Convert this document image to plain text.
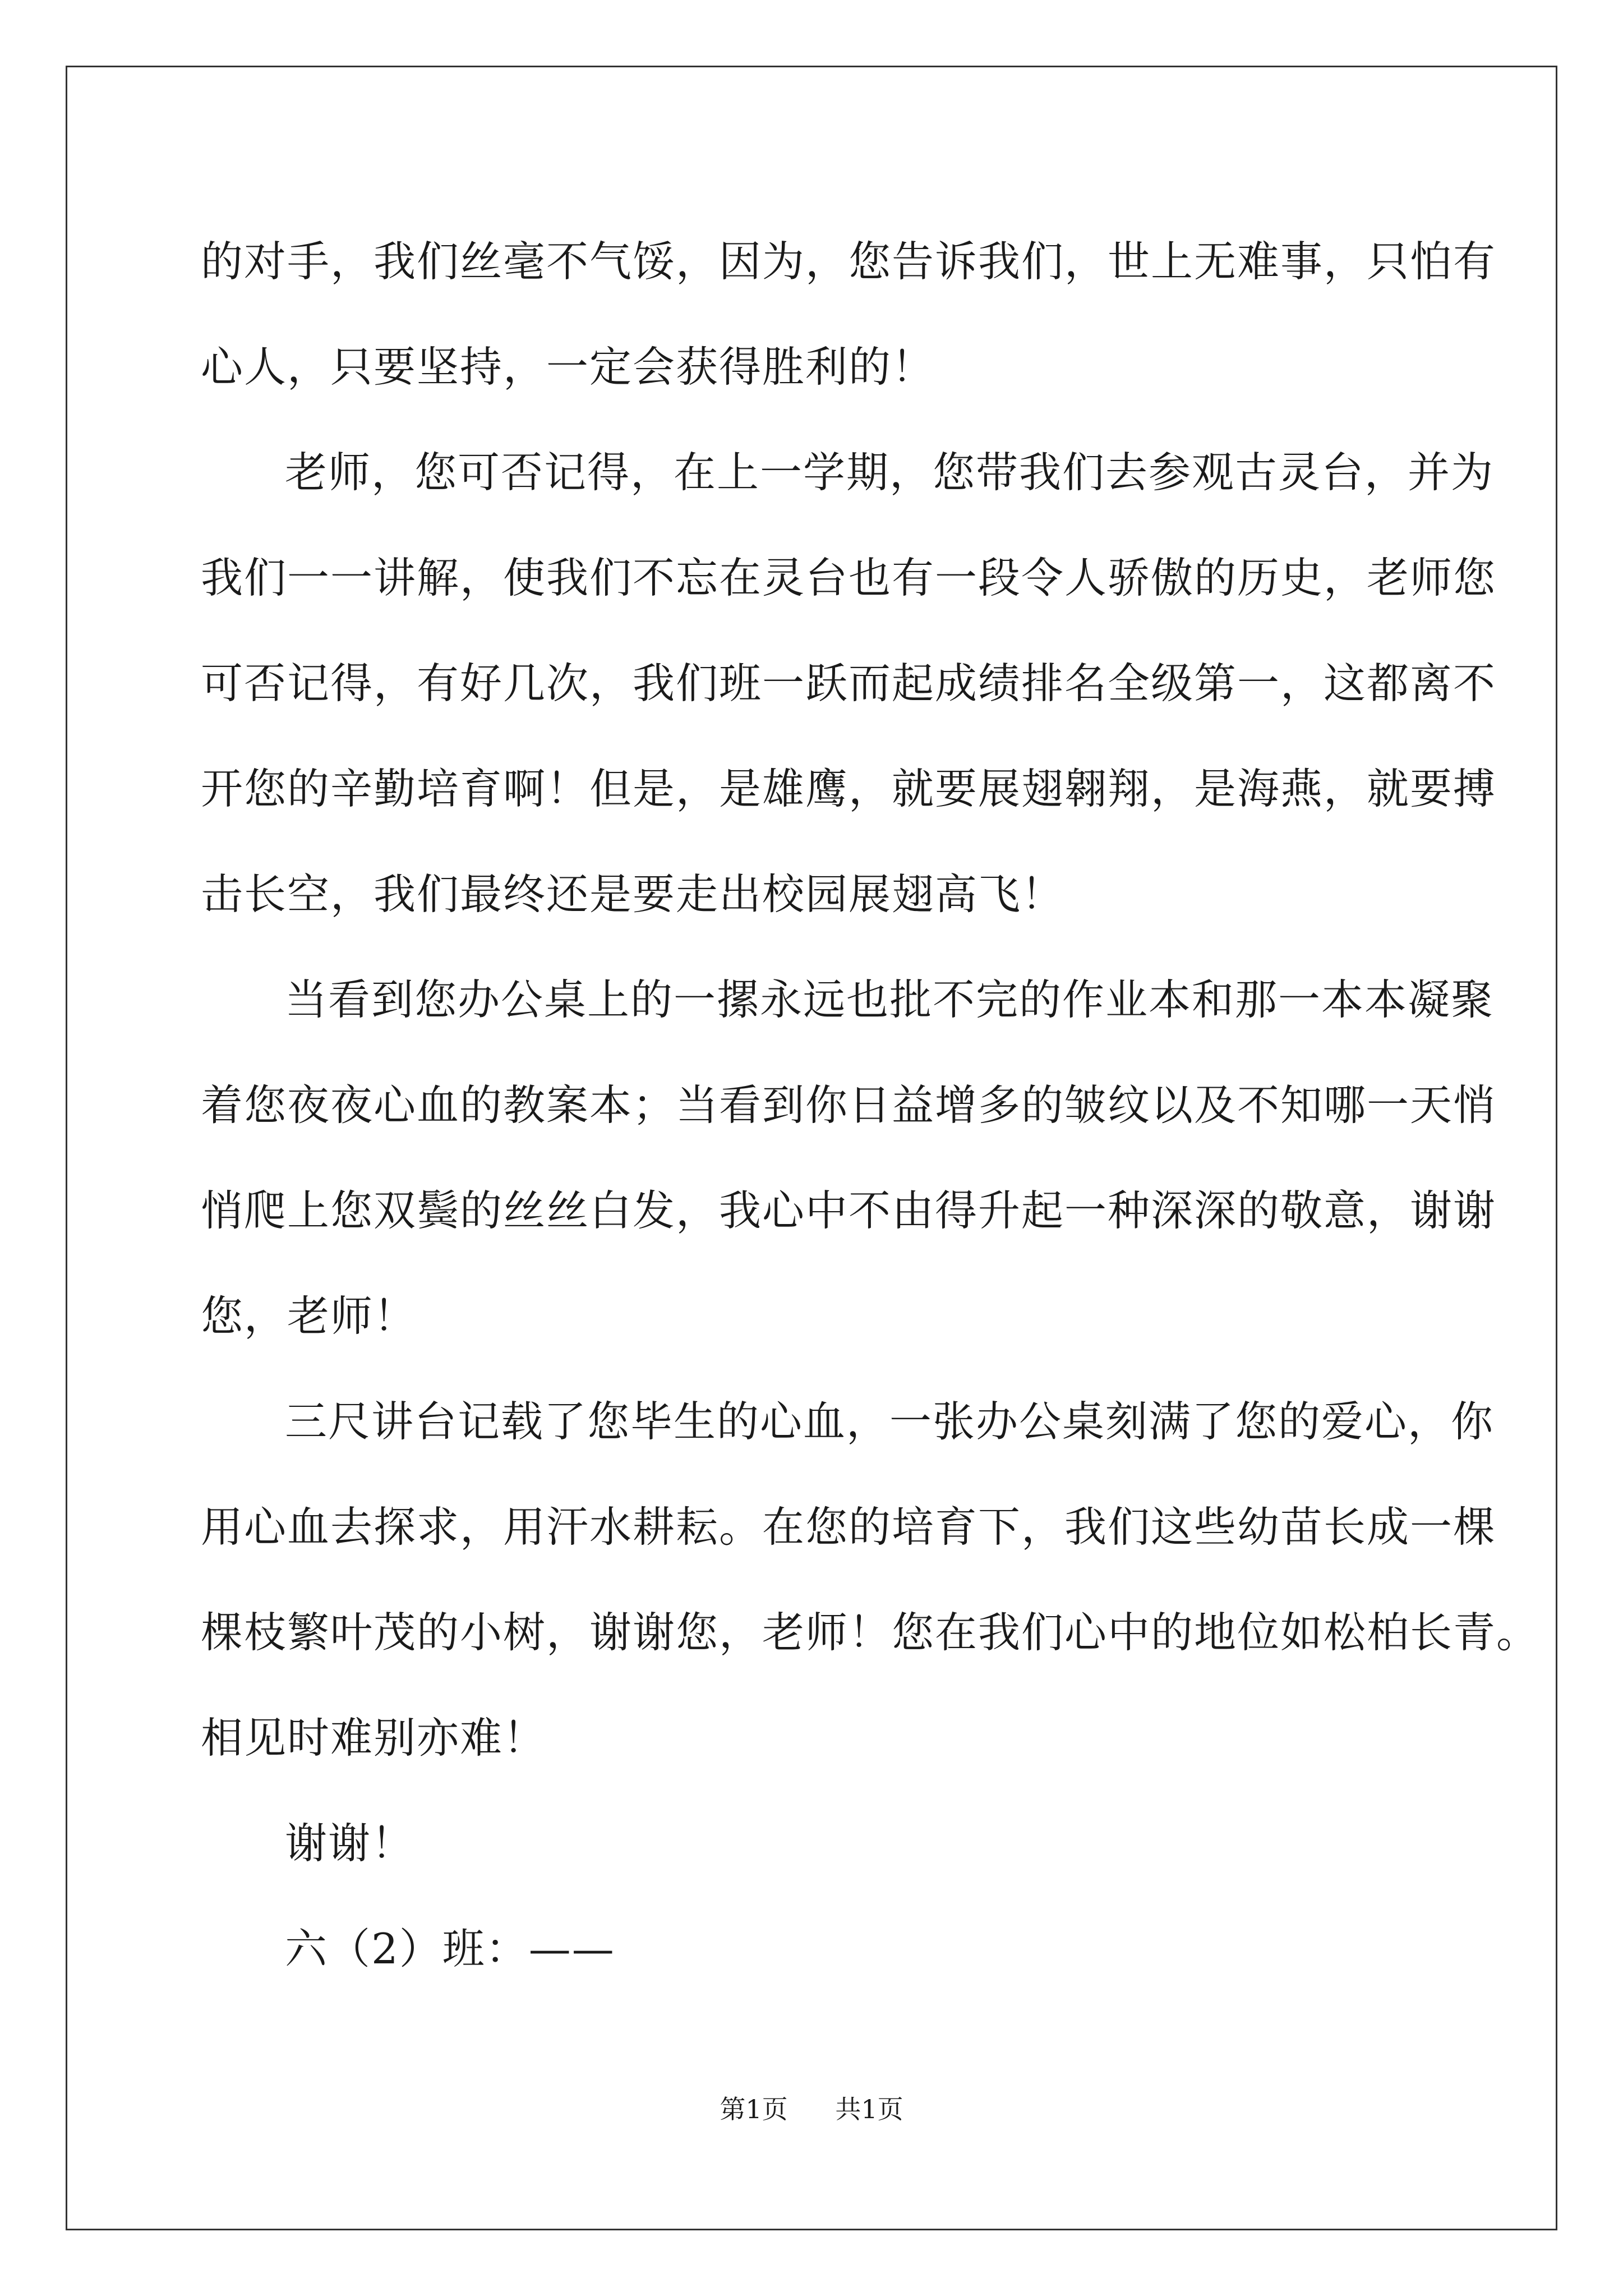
的对手，我们丝毫不气馁，因为，您告诉我们，世上无难事，只怕有
心人，只要坚持，一定会获得胜利的！
老师，您可否记得，在上一学期，您带我们去参观古灵台，并为
我们一一讲解，使我们不忘在灵台也有一段令人骄傲的历史，老师您
可否记得，有好几次，我们班一跃而起成绩排名全级第一，这都离不
开您的辛勤培育啊！但是，是雄鹰，就要展翅翱翔，是海燕，就要搏
击长空，我们最终还是要走出校园展翅高飞！
当看到您办公桌上的一摞永远也批不完的作业本和那一本本凝聚
着您夜夜心血的教案本；当看到你日益增多的皱纹以及不知哪一天悄
悄爬上您双鬓的丝丝白发，我心中不由得升起一种深深的敬意，谢谢
您，老师！
三尺讲台记载了您毕生的心血，一张办公桌刻满了您的爱心，你
用心血去探求，用汗水耕耘。在您的培育下，我们这些幼苗长成一棵
棵枝繁叶茂的小树，谢谢您，老师！您在我们心中的地位如松柏长青。
相见时难别亦难！
谢谢！
六（2）班：——
第1页 共1页
